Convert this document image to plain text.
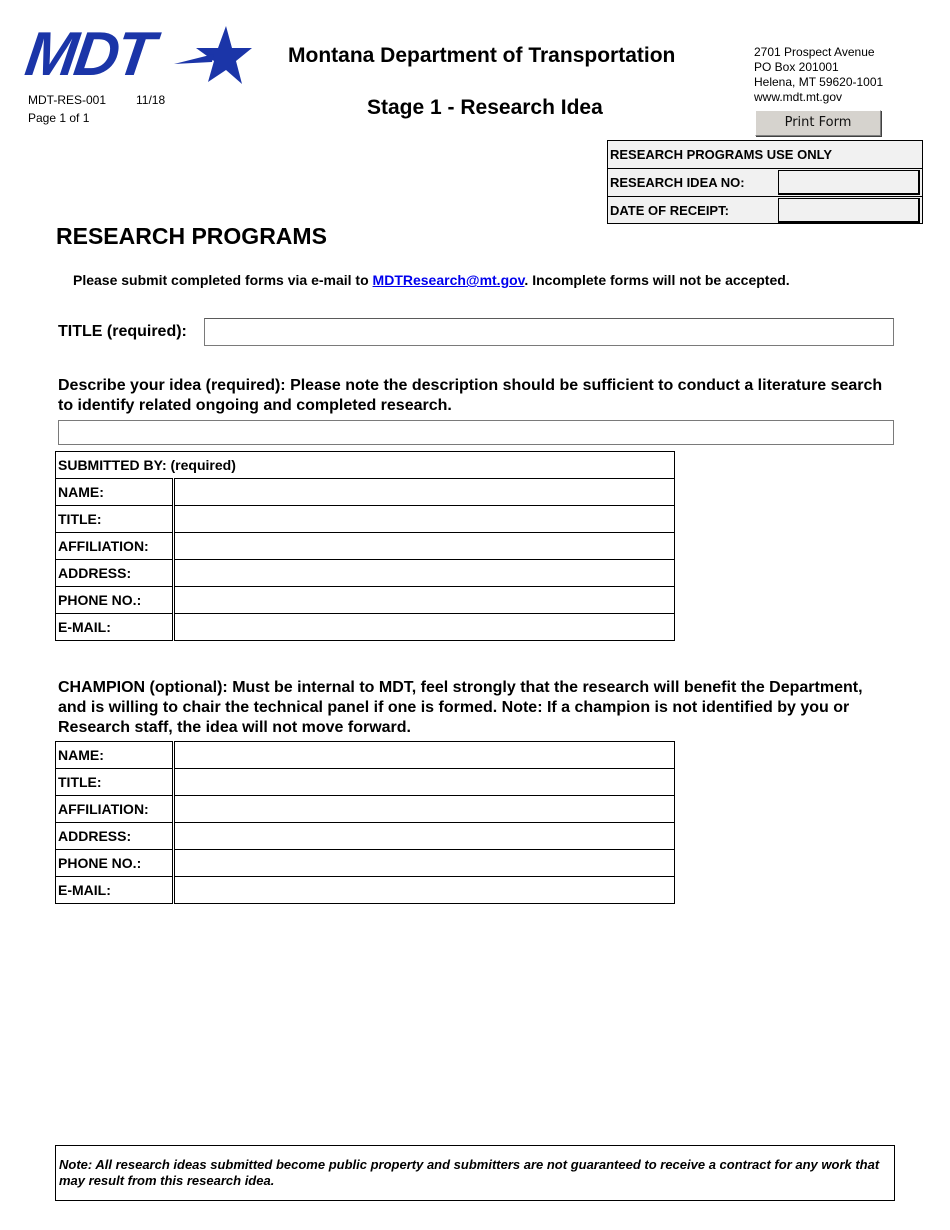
MDT
MDT-RES-001 11/18
Page 1 of 1
Montana Department of Transportation
Stage 1 - Research Idea
2701 Prospect Avenue
PO Box 201001
Helena, MT 59620-1001
www.mdt.mt.gov
Print Form
RESEARCH PROGRAMS USE ONLY
RESEARCH IDEA NO:
DATE OF RECEIPT:
RESEARCH PROGRAMS
Please submit completed forms via e-mail to MDTResearch@mt.gov. Incomplete forms will not be accepted.
TITLE (required):
Describe your idea (required): Please note the description should be sufficient to conduct a literature search to identify related ongoing and completed research.
SUBMITTED BY: (required)	
NAME:	
TITLE:	
AFFILIATION:	
ADDRESS:	
PHONE NO.:	
E-MAIL:	
CHAMPION (optional): Must be internal to MDT, feel strongly that the research will benefit the Department, and is willing to chair the technical panel if one is formed. Note: If a champion is not identified by you or Research staff, the idea will not move forward.
NAME:	
TITLE:	
AFFILIATION:	
ADDRESS:	
PHONE NO.:	
E-MAIL:	
Note: All research ideas submitted become public property and submitters are not guaranteed to receive a contract for any work that may result from this research idea.
